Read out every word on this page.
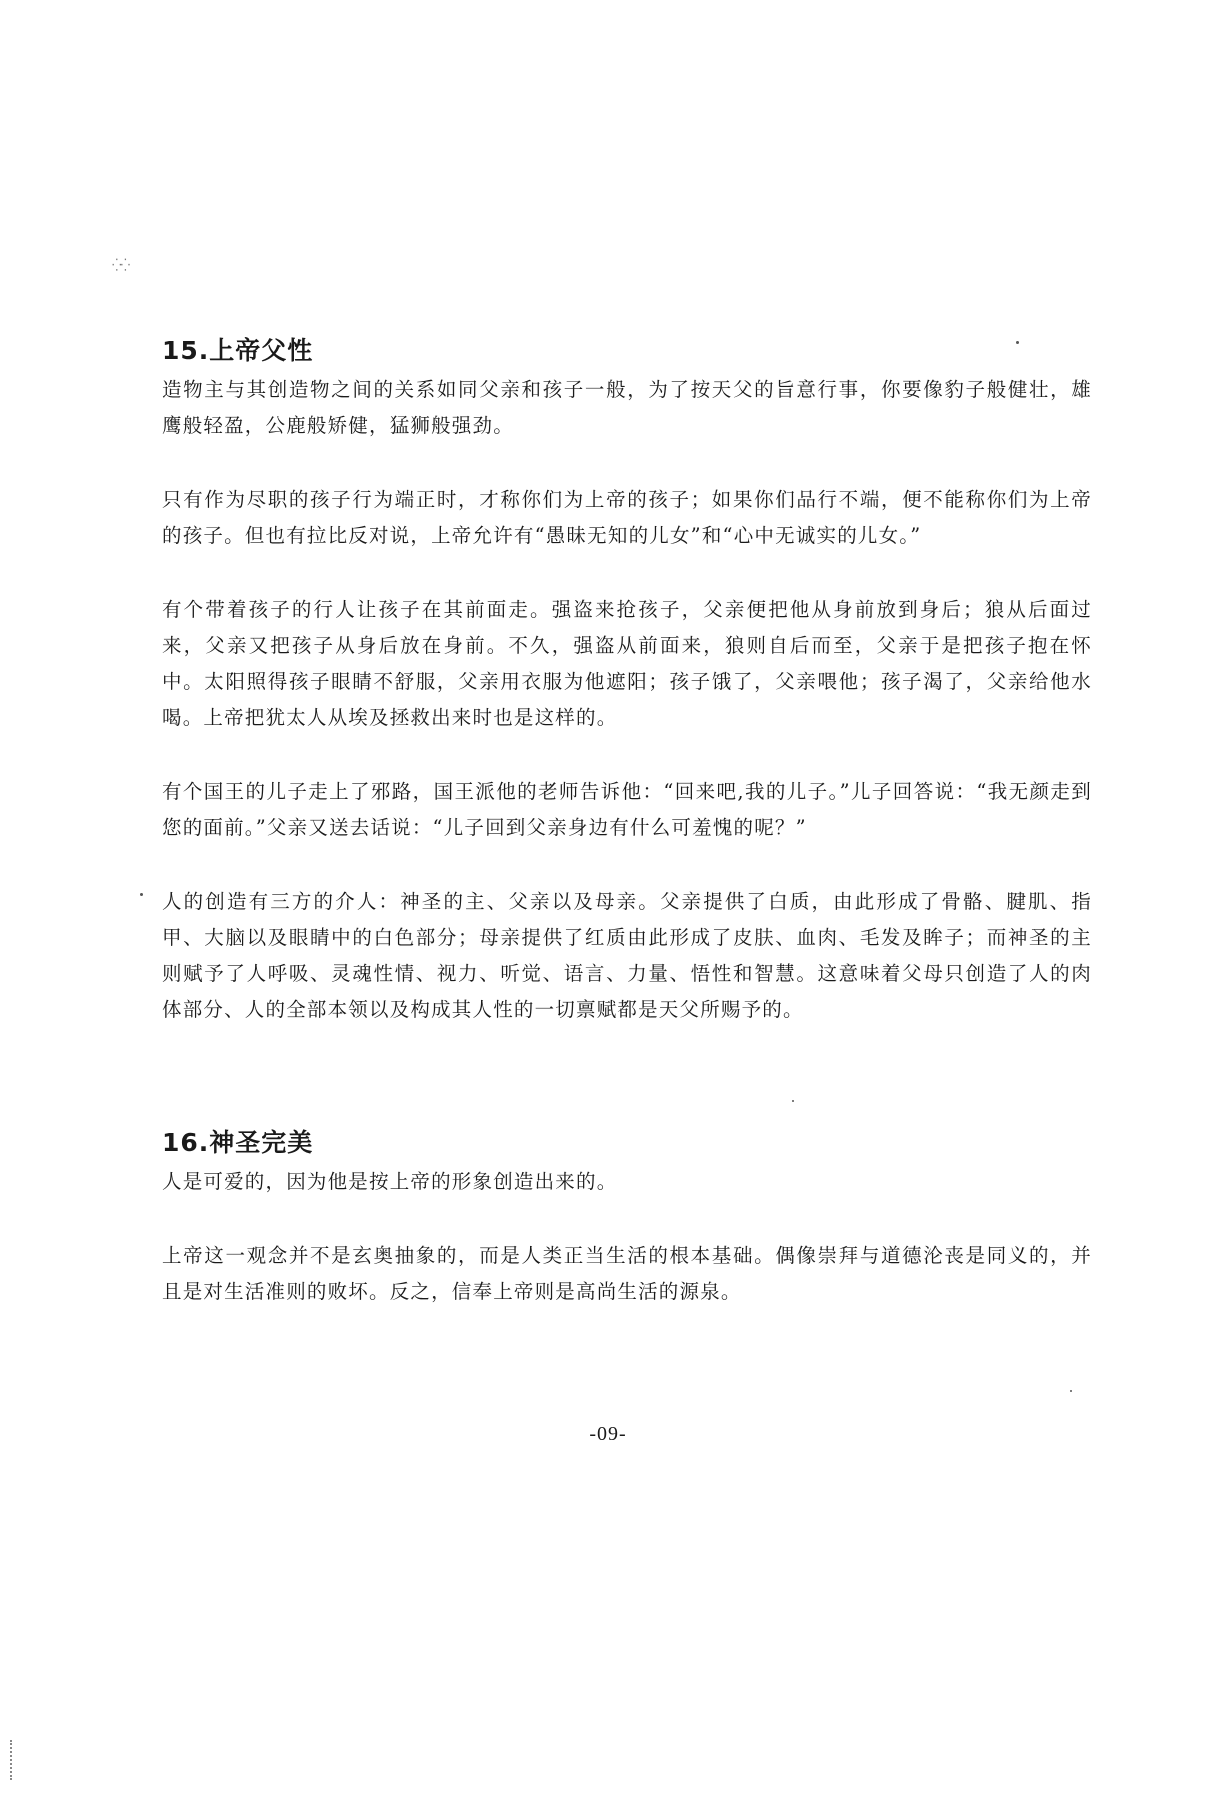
⁛⁛
15.上帝父性

造物主与其创造物之间的关系如同父亲和孩子一般，为了按天父的旨意行事，你要像豹子般健壮，雄鹰般轻盈，公鹿般矫健，猛狮般强劲。

只有作为尽职的孩子行为端正时，才称你们为上帝的孩子；如果你们品行不端，便不能称你们为上帝的孩子。但也有拉比反对说，上帝允许有“愚昧无知的儿女”和“心中无诚实的儿女。”

有个带着孩子的行人让孩子在其前面走。强盗来抢孩子，父亲便把他从身前放到身后；狼从后面过来，父亲又把孩子从身后放在身前。不久，强盗从前面来，狼则自后而至，父亲于是把孩子抱在怀中。太阳照得孩子眼睛不舒服，父亲用衣服为他遮阳；孩子饿了，父亲喂他；孩子渴了，父亲给他水喝。上帝把犹太人从埃及拯救出来时也是这样的。

有个国王的儿子走上了邪路，国王派他的老师告诉他：“回来吧,我的儿子。”儿子回答说：“我无颜走到您的面前。”父亲又送去话说：“儿子回到父亲身边有什么可羞愧的呢？”

人的创造有三方的介人：神圣的主、父亲以及母亲。父亲提供了白质，由此形成了骨骼、腱肌、指甲、大脑以及眼睛中的白色部分；母亲提供了红质由此形成了皮肤、血肉、毛发及眸子；而神圣的主则赋予了人呼吸、灵魂性情、视力、听觉、语言、力量、悟性和智慧。这意味着父母只创造了人的肉体部分、人的全部本领以及构成其人性的一切禀赋都是天父所赐予的。

16.神圣完美

人是可爱的，因为他是按上帝的形象创造出来的。

上帝这一观念并不是玄奥抽象的，而是人类正当生活的根本基础。偶像崇拜与道德沦丧是同义的，并且是对生活准则的败坏。反之，信奉上帝则是高尚生活的源泉。

-09-
